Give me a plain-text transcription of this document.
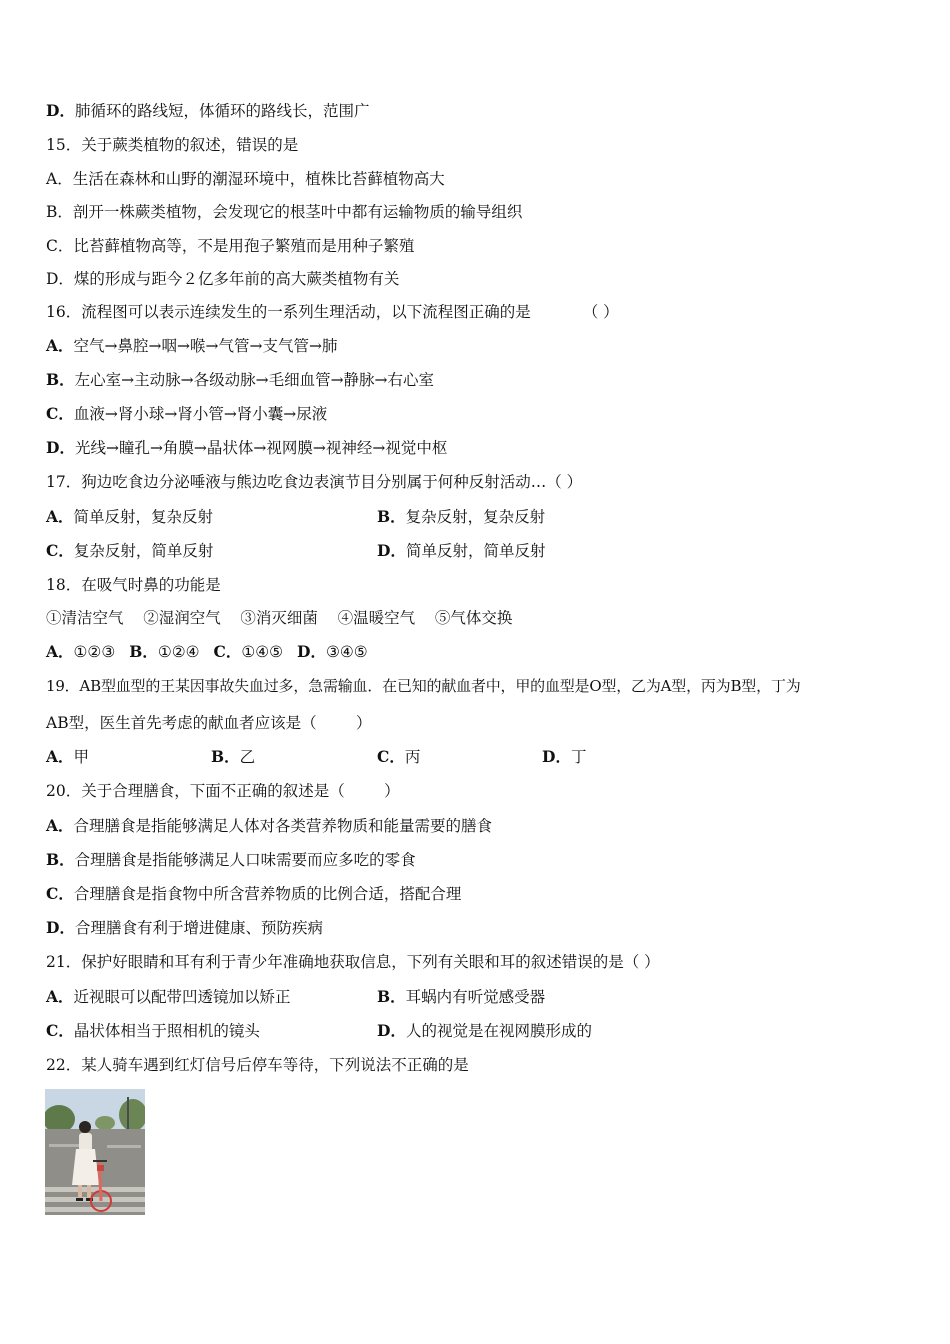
D．肺循环的路线短，体循环的路线长，范围广
15．关于蕨类植物的叙述，错误的是
A．生活在森林和山野的潮湿环境中，植株比苔藓植物高大
B．剖开一株蕨类植物，会发现它的根茎叶中都有运输物质的输导组织
C．比苔藓植物高等，不是用孢子繁殖而是用种子繁殖
D．煤的形成与距今２亿多年前的高大蕨类植物有关
16．流程图可以表示连续发生的一系列生理活动，以下流程图正确的是	（ ）
A．空气→鼻腔→咽→喉→气管→支气管→肺
B．左心室→主动脉→各级动脉→毛细血管→静脉→右心室
C．血液→肾小球→肾小管→肾小囊→尿液
D．光线→瞳孔→角膜→晶状体→视网膜→视神经→视觉中枢
17．狗边吃食边分泌唾液与熊边吃食边表演节目分别属于何种反射活动…（ ）
A．简单反射，复杂反射	B．复杂反射，复杂反射
C．复杂反射，简单反射	D．简单反射，简单反射
18．在吸气时鼻的功能是
①清洁空气    ②湿润空气    ③消灭细菌    ④温暖空气    ⑤气体交换
A．①②③ B．①②④ C．①④⑤ D．③④⑤
19．AB型血型的王某因事故失血过多，急需输血．在已知的献血者中，甲的血型是O型，乙为A型，丙为B型，丁为
AB型，医生首先考虑的献血者应该是（        ）
A．甲	B．乙	C．丙	D．丁
20．关于合理膳食，下面不正确的叙述是（        ）
A．合理膳食是指能够满足人体对各类营养物质和能量需要的膳食
B．合理膳食是指能够满足人口味需要而应多吃的零食
C．合理膳食是指食物中所含营养物质的比例合适，搭配合理
D．合理膳食有利于增进健康、预防疾病
21．保护好眼睛和耳有利于青少年准确地获取信息，下列有关眼和耳的叙述错误的是（ ）
A．近视眼可以配带凹透镜加以矫正	B．耳蜗内有听觉感受器
C．晶状体相当于照相机的镜头	D．人的视觉是在视网膜形成的
22．某人骑车遇到红灯信号后停车等待，下列说法不正确的是
